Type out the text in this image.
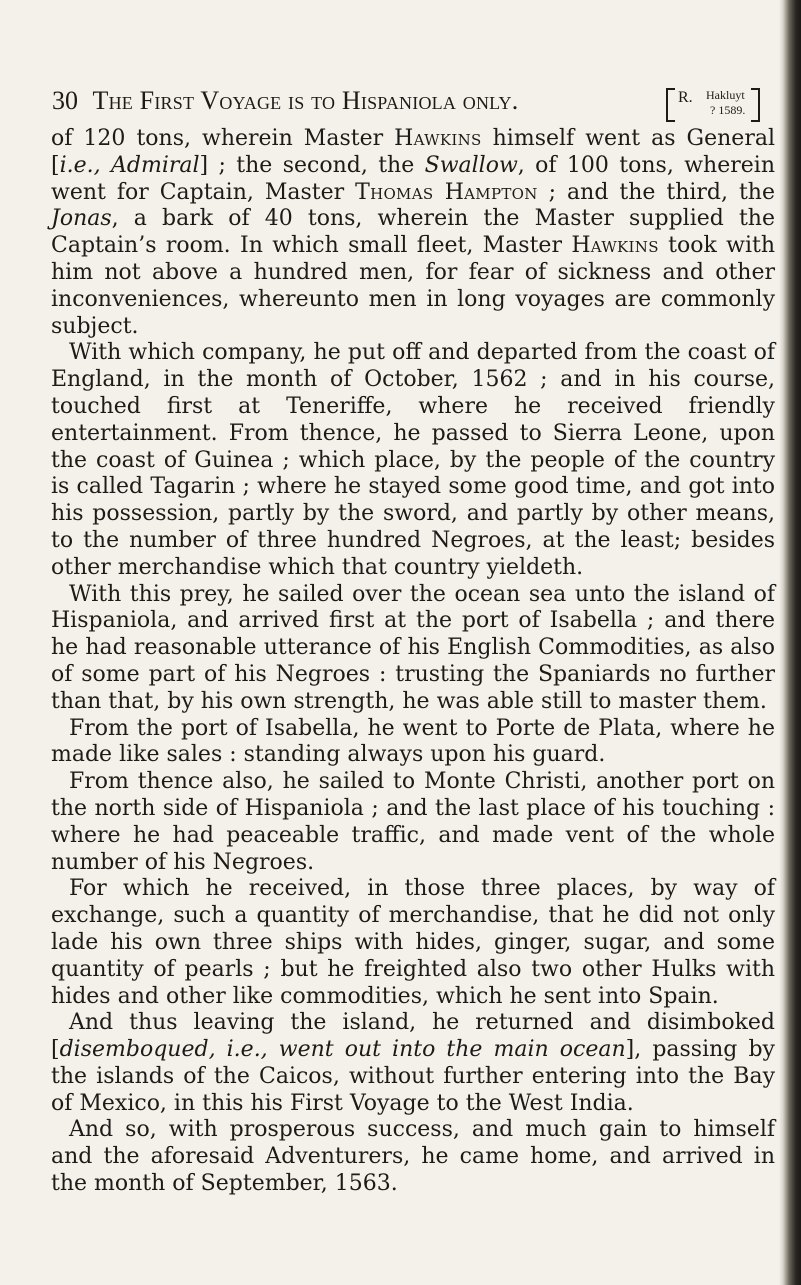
30 The First Voyage is to Hispaniola only.	R. Hakluyt
? 1589.

of 120 tons, wherein Master Hawkins himself went as General [i.e., Admiral] ; the second, the Swallow, of 100 tons, wherein went for Captain, Master Thomas Hampton ; and the third, the Jonas, a bark of 40 tons, wherein the Master supplied the Captain’s room. In which small fleet, Master Hawkins took with him not above a hundred men, for fear of sickness and other inconveniences, whereunto men in long voyages are commonly subject.

With which company, he put off and departed from the coast of England, in the month of October, 1562 ; and in his course, touched first at Teneriffe, where he received friendly entertainment. From thence, he passed to Sierra Leone, upon the coast of Guinea ; which place, by the people of the country is called Tagarin ; where he stayed some good time, and got into his possession, partly by the sword, and partly by other means, to the number of three hundred Negroes, at the least; besides other merchandise which that country yieldeth.

With this prey, he sailed over the ocean sea unto the island of Hispaniola, and arrived first at the port of Isabella ; and there he had reasonable utterance of his English Commodities, as also of some part of his Negroes : trusting the Spaniards no further than that, by his own strength, he was able still to master them.

From the port of Isabella, he went to Porte de Plata, where he made like sales : standing always upon his guard.

From thence also, he sailed to Monte Christi, another port on the north side of Hispaniola ; and the last place of his touching : where he had peaceable traffic, and made vent of the whole number of his Negroes.

For which he received, in those three places, by way of exchange, such a quantity of merchandise, that he did not only lade his own three ships with hides, ginger, sugar, and some quantity of pearls ; but he freighted also two other Hulks with hides and other like commodities, which he sent into Spain.

And thus leaving the island, he returned and disimboked [disemboqued, i.e., went out into the main ocean], passing by the islands of the Caicos, without further entering into the Bay of Mexico, in this his First Voyage to the West India.

And so, with prosperous success, and much gain to himself and the aforesaid Adventurers, he came home, and arrived in the month of September, 1563.
